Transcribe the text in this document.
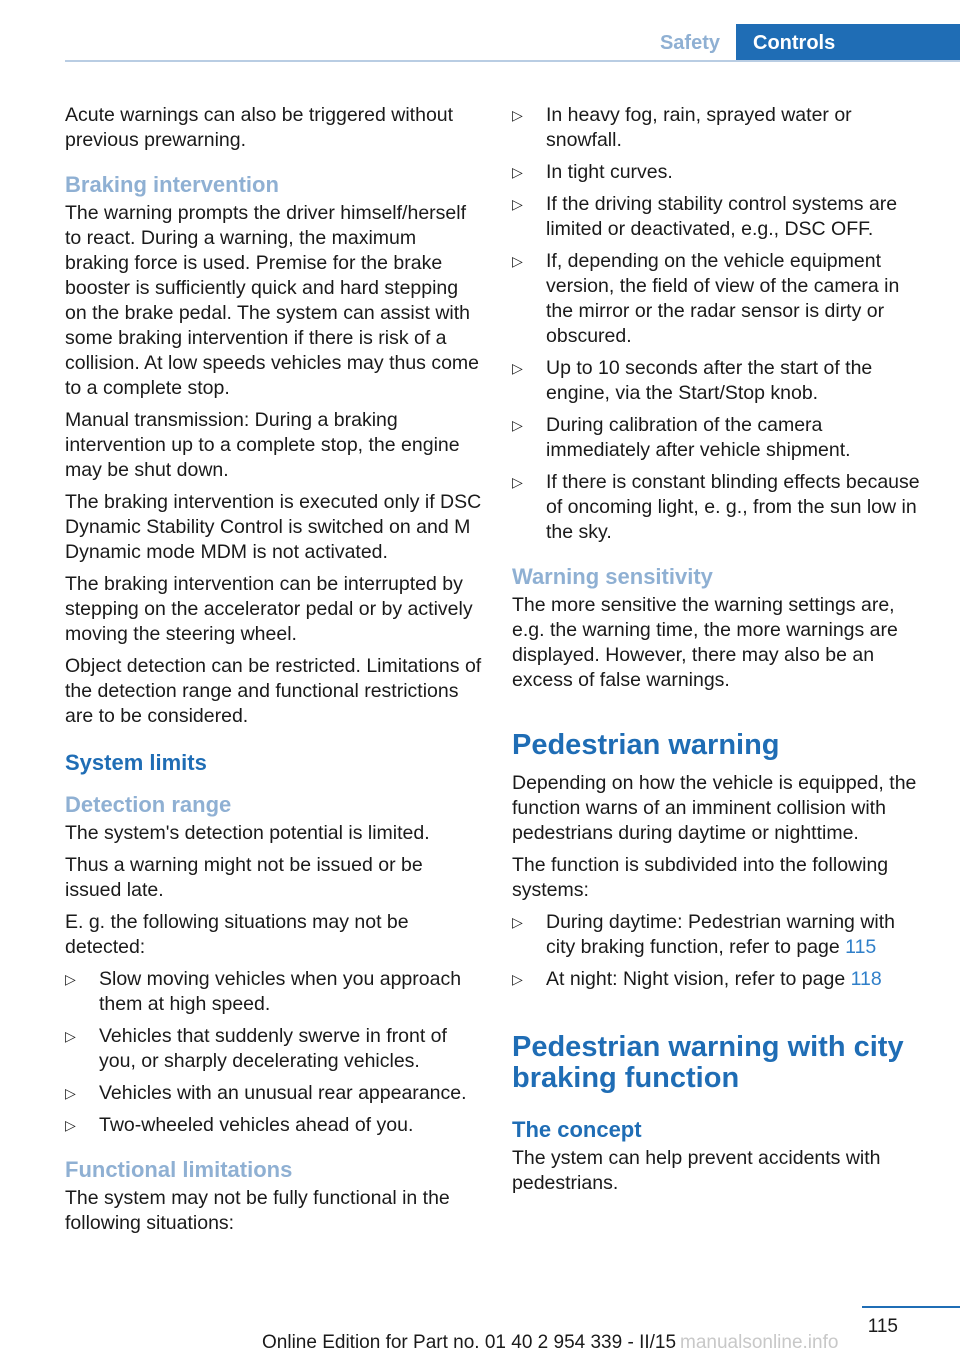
Safety	Controls

Acute warnings can also be triggered without previous prewarning.

Braking intervention

The warning prompts the driver himself/herself to react. During a warning, the maximum braking force is used. Premise for the brake booster is sufficiently quick and hard stepping on the brake pedal. The system can assist with some braking intervention if there is risk of a collision. At low speeds vehicles may thus come to a complete stop.

Manual transmission: During a braking intervention up to a complete stop, the engine may be shut down.

The braking intervention is executed only if DSC Dynamic Stability Control is switched on and M Dynamic mode MDM is not activated.

The braking intervention can be interrupted by stepping on the accelerator pedal or by actively moving the steering wheel.

Object detection can be restricted. Limitations of the detection range and functional restrictions are to be considered.

System limits
Detection range

The system's detection potential is limited.

Thus a warning might not be issued or be issued late.

E. g. the following situations may not be detected:

▷ Slow moving vehicles when you approach them at high speed.
▷ Vehicles that suddenly swerve in front of you, or sharply decelerating vehicles.
▷ Vehicles with an unusual rear appearance.
▷ Two-wheeled vehicles ahead of you.
Functional limitations

The system may not be fully functional in the following situations:

▷ In heavy fog, rain, sprayed water or snowfall.
▷ In tight curves.
▷ If the driving stability control systems are limited or deactivated, e.g., DSC OFF.
▷ If, depending on the vehicle equipment version, the field of view of the camera in the mirror or the radar sensor is dirty or obscured.
▷ Up to 10 seconds after the start of the engine, via the Start/Stop knob.
▷ During calibration of the camera immediately after vehicle shipment.
▷ If there is constant blinding effects because of oncoming light, e. g., from the sun low in the sky.
Warning sensitivity

The more sensitive the warning settings are, e.g. the warning time, the more warnings are displayed. However, there may also be an excess of false warnings.

Pedestrian warning

Depending on how the vehicle is equipped, the function warns of an imminent collision with pedestrians during daytime or nighttime.

The function is subdivided into the following systems:

▷ During daytime: Pedestrian warning with city braking function, refer to page 115
▷ At night: Night vision, refer to page 118
Pedestrian warning with city braking function
The concept

The ystem can help prevent accidents with pedestrians.

115
Online Edition for Part no. 01 40 2 954 339 - II/15 manualsonline.info
